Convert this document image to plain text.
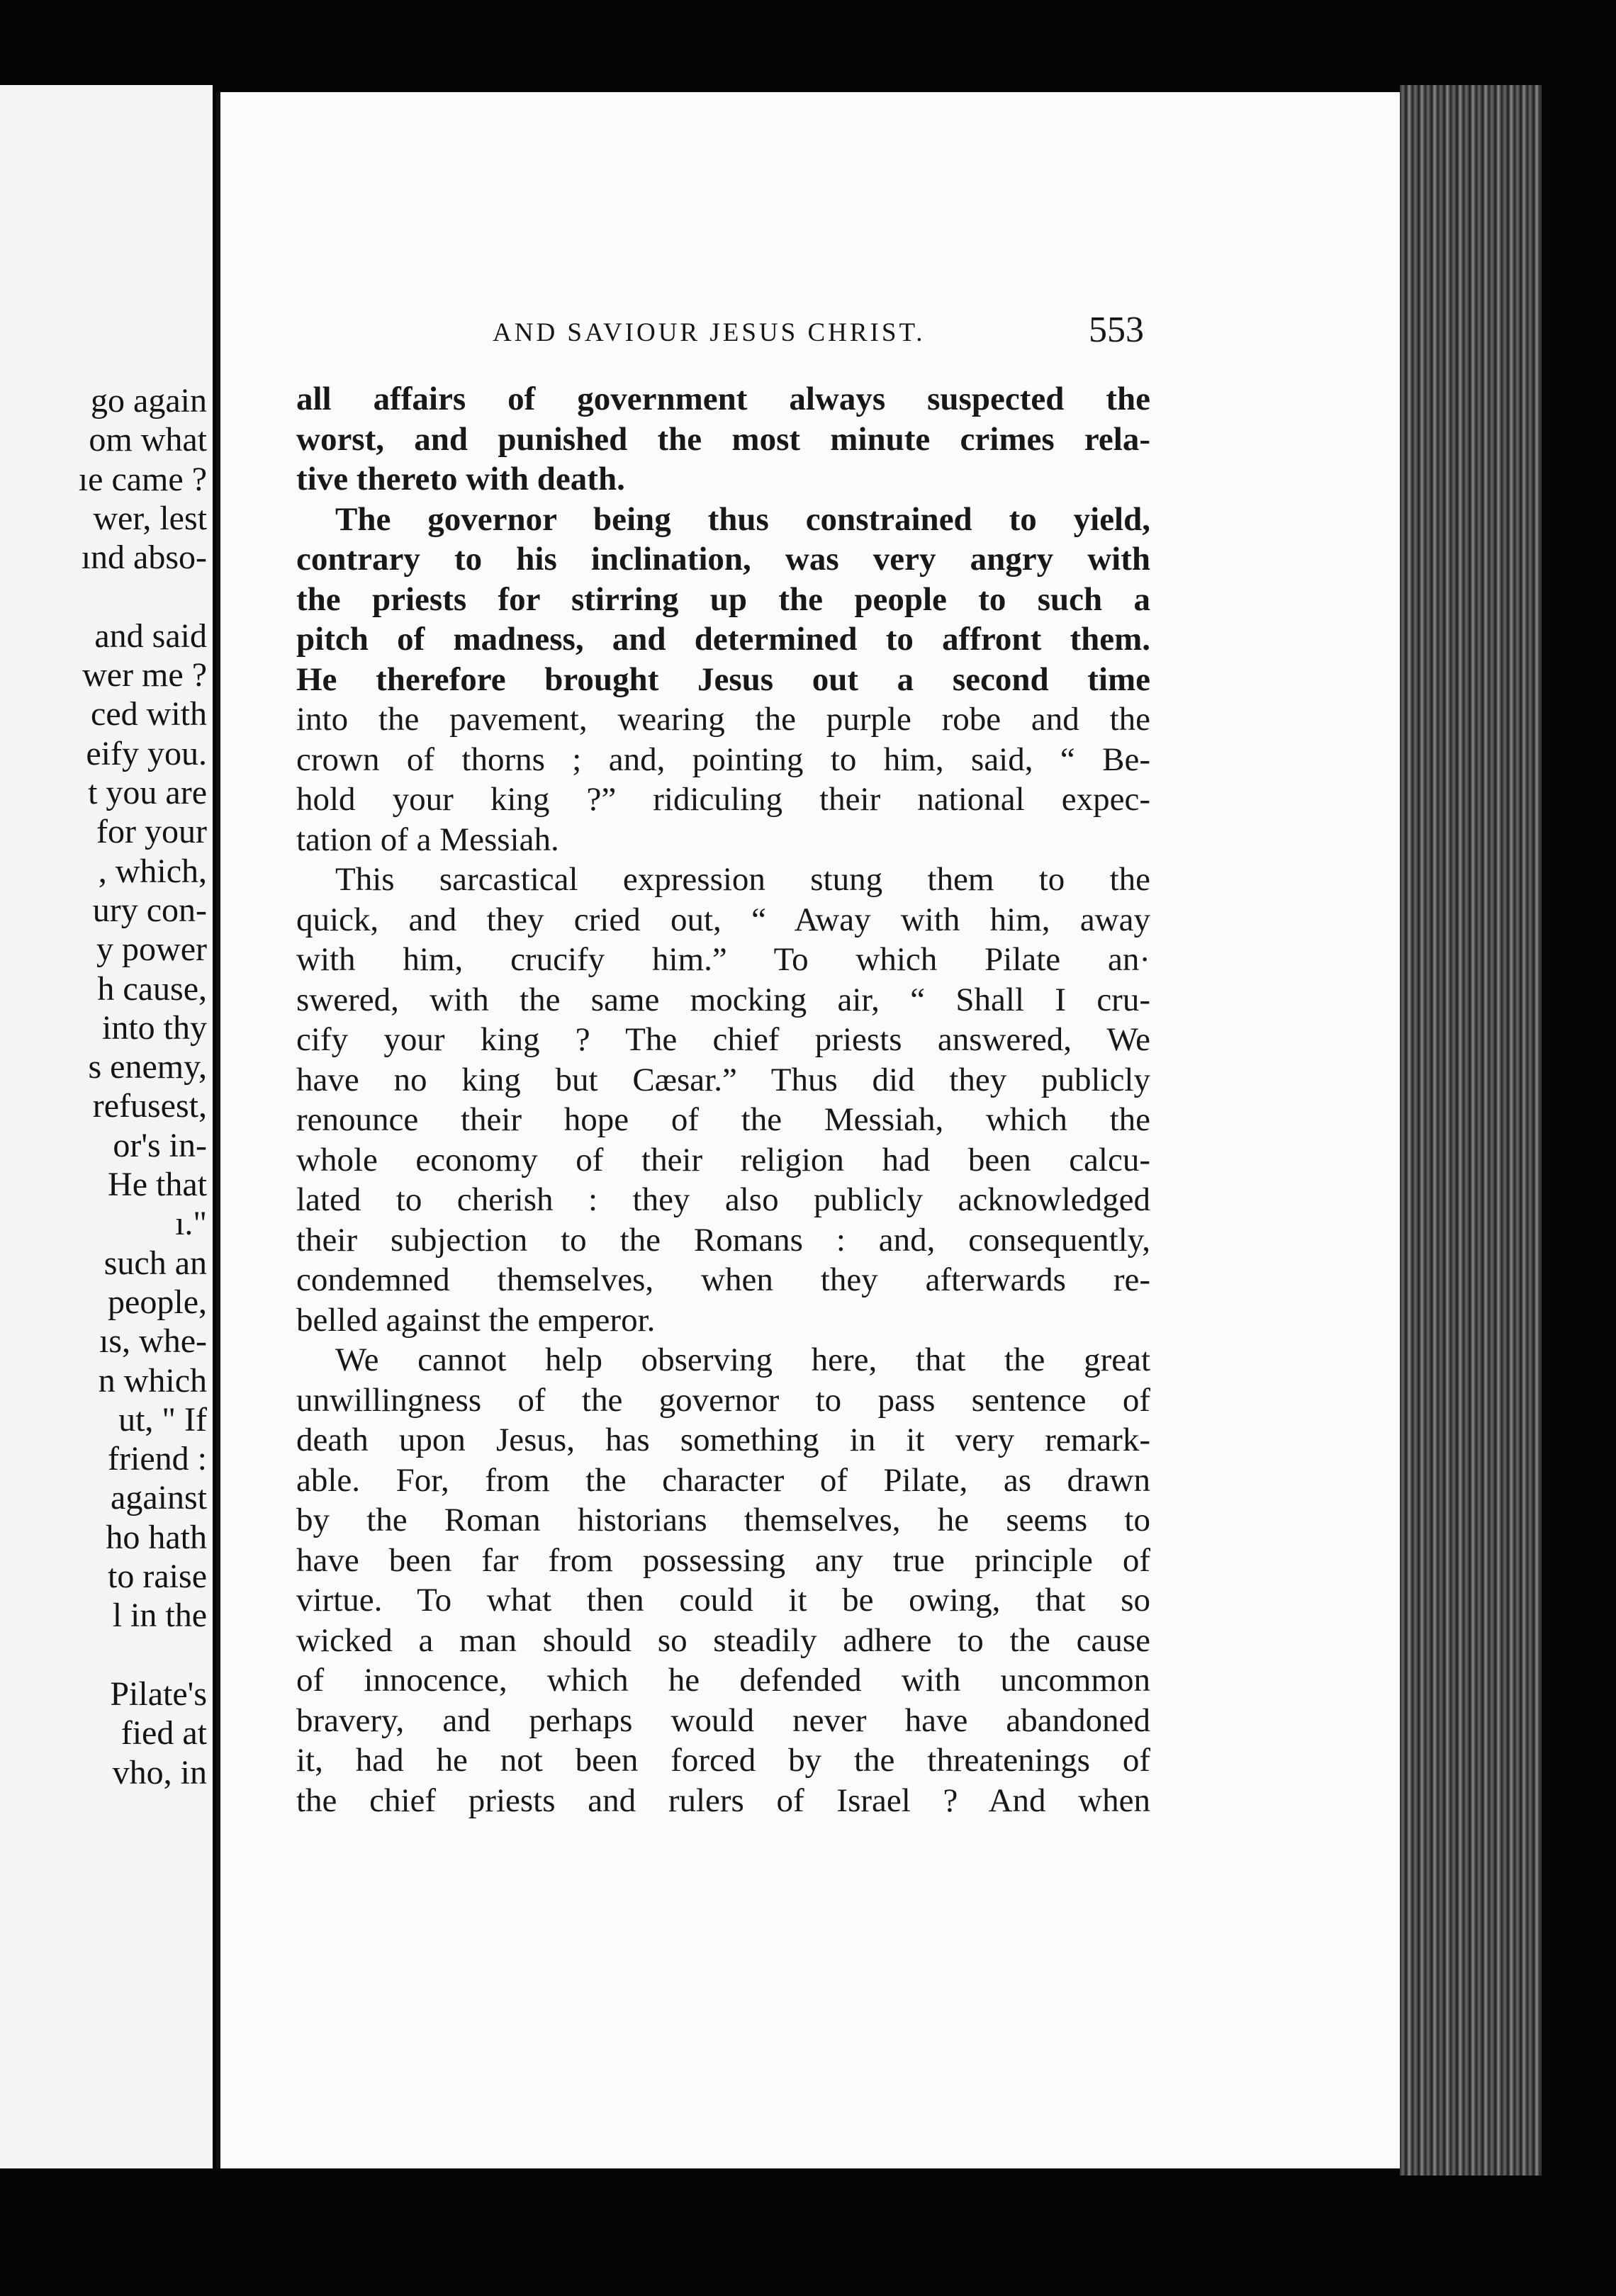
go again
om what
ıe came ?
wer, lest
ınd abso-
and said
wer me ?
ced with
eify you.
t you are
for your
, which,
ury con-
y power
h cause,
into thy
s enemy,
refusest,
or's in-
He that
ı."
such an
people,
ıs, whe-
n which
ut, " If
friend :
against
ho hath
to raise
l in the
Pilate's
fied at
vho, in
AND SAVIOUR JESUS CHRIST.	553
all affairs of government always suspected the
worst, and punished the most minute crimes rela-
tive thereto with death.
The governor being thus constrained to yield,
contrary to his inclination, was very angry with
the priests for stirring up the people to such a
pitch of madness, and determined to affront them.
He therefore brought Jesus out a second time
into the pavement, wearing the purple robe and the
crown of thorns ; and, pointing to him, said, “ Be-
hold your king ?” ridiculing their national expec-
tation of a Messiah.
This sarcastical expression stung them to the
quick, and they cried out, “ Away with him, away
with him, crucify him.” To which Pilate an·
swered, with the same mocking air, “ Shall I cru-
cify your king ? The chief priests answered, We
have no king but Cæsar.” Thus did they publicly
renounce their hope of the Messiah, which the
whole economy of their religion had been calcu-
lated to cherish : they also publicly acknowledged
their subjection to the Romans : and, consequently,
condemned themselves, when they afterwards re-
belled against the emperor.
We cannot help observing here, that the great
unwillingness of the governor to pass sentence of
death upon Jesus, has something in it very remark-
able. For, from the character of Pilate, as drawn
by the Roman historians themselves, he seems to
have been far from possessing any true principle of
virtue. To what then could it be owing, that so
wicked a man should so steadily adhere to the cause
of innocence, which he defended with uncommon
bravery, and perhaps would never have abandoned
it, had he not been forced by the threatenings of
the chief priests and rulers of Israel ? And when
